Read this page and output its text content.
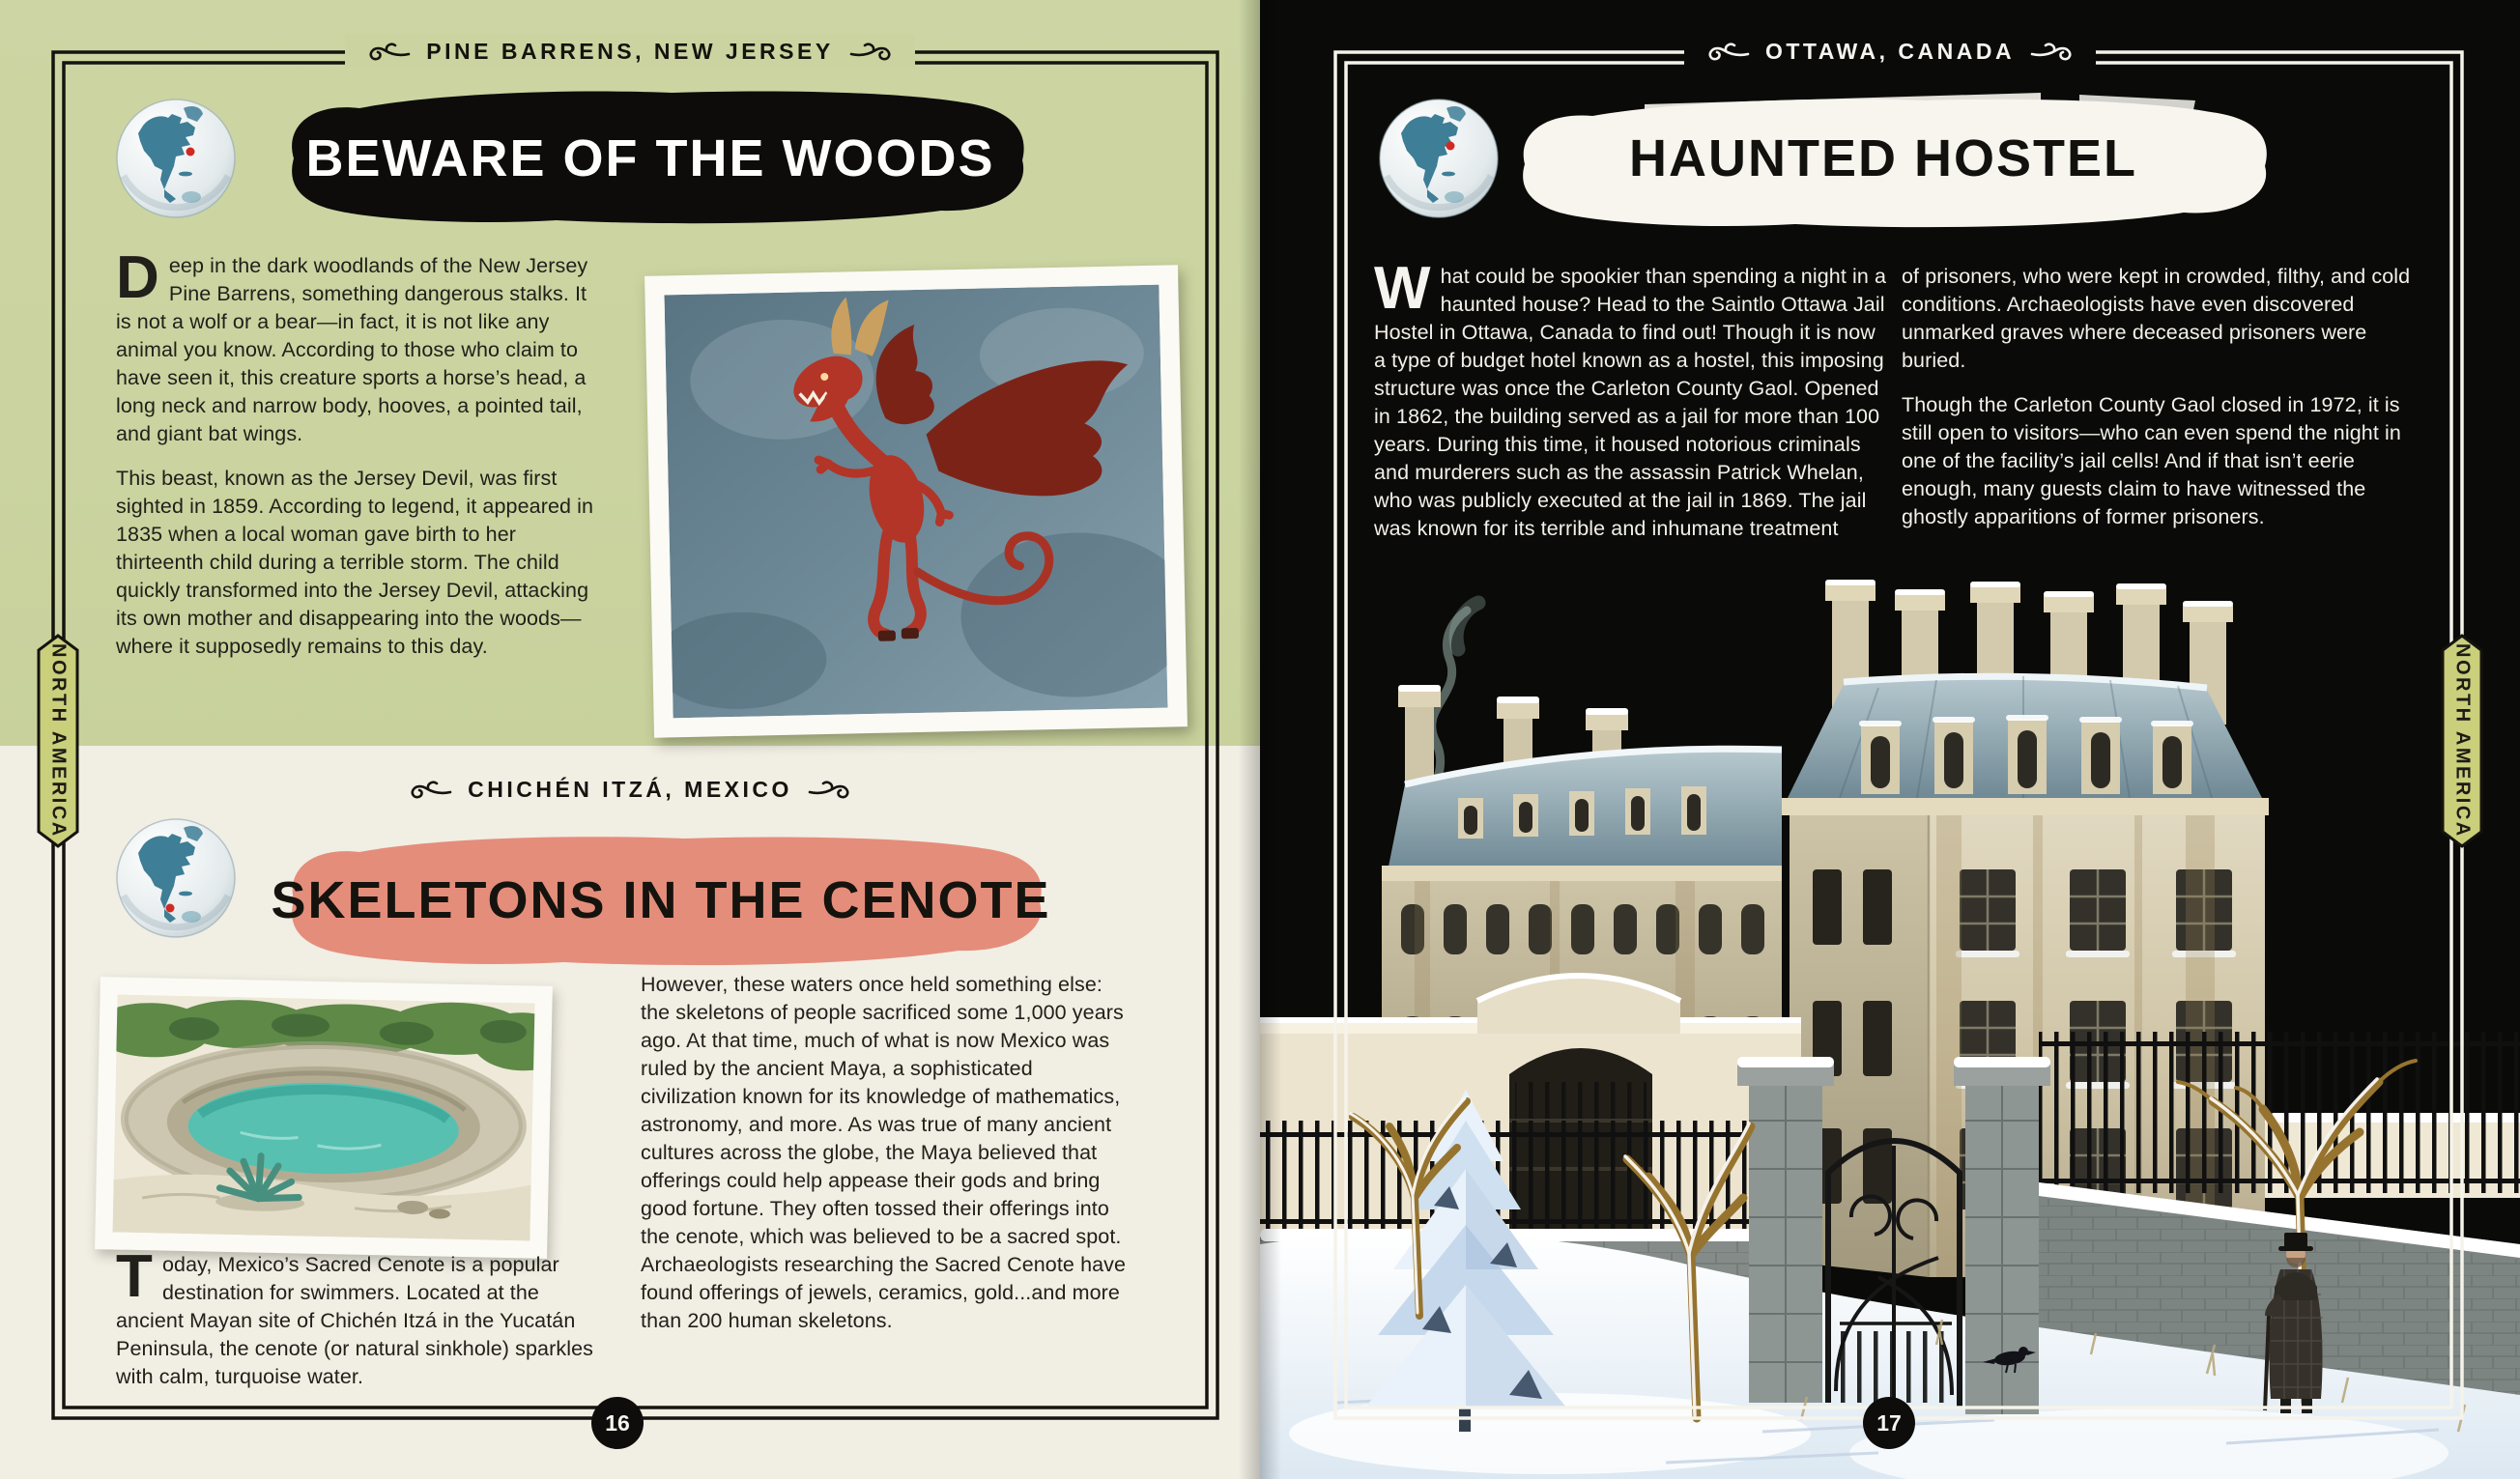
PINE BARRENS, NEW JERSEY
BEWARE OF THE WOODS

Deep in the dark woodlands of the New Jersey Pine Barrens, something dangerous stalks. It is not a wolf or a bear—in fact, it is not like any animal you know. According to those who claim to have seen it, this creature sports a horse’s head, a long neck and narrow body, hooves, a pointed tail, and giant bat wings.

This beast, known as the Jersey Devil, was first sighted in 1859. According to legend, it appeared in 1835 when a local woman gave birth to her thirteenth child during a terrible storm. The child quickly transformed into the Jersey Devil, attacking its own mother and disappearing into the woods—where it supposedly remains to this day.

CHICHÉN ITZÁ, MEXICO
SKELETONS IN THE CENOTE

Today, Mexico’s Sacred Cenote is a popular destination for swimmers. Located at the ancient Mayan site of Chichén Itzá in the Yucatán Peninsula, the cenote (or natural sinkhole) sparkles with calm, turquoise water.

However, these waters once held something else: the skeletons of people sacrificed some 1,000 years ago. At that time, much of what is now Mexico was ruled by the ancient Maya, a sophisticated civilization known for its knowledge of mathematics, astronomy, and more. As was true of many ancient cultures across the globe, the Maya believed that offerings could help appease their gods and bring good fortune. They often tossed their offerings into the cenote, which was believed to be a sacred spot. Archaeologists researching the Sacred Cenote have found offerings of jewels, ceramics, gold...and more than 200 human skeletons.

NORTH AMERICA
16
OTTAWA, CANADA
HAUNTED HOSTEL

What could be spookier than spending a night in a haunted house? Head to the Saintlo Ottawa Jail Hostel in Ottawa, Canada to find out! Though it is now a type of budget hotel known as a hostel, this imposing structure was once the Carleton County Gaol. Opened in 1862, the building served as a jail for more than 100 years. During this time, it housed notorious criminals and murderers such as the assassin Patrick Whelan, who was publicly executed at the jail in 1869. The jail was known for its terrible and inhumane treatment

of prisoners, who were kept in crowded, filthy, and cold conditions. Archaeologists have even discovered unmarked graves where deceased prisoners were buried.

Though the Carleton County Gaol closed in 1972, it is still open to visitors—who can even spend the night in one of the facility’s jail cells! And if that isn’t eerie enough, many guests claim to have witnessed the ghostly apparitions of former prisoners.

NORTH AMERICA
17
